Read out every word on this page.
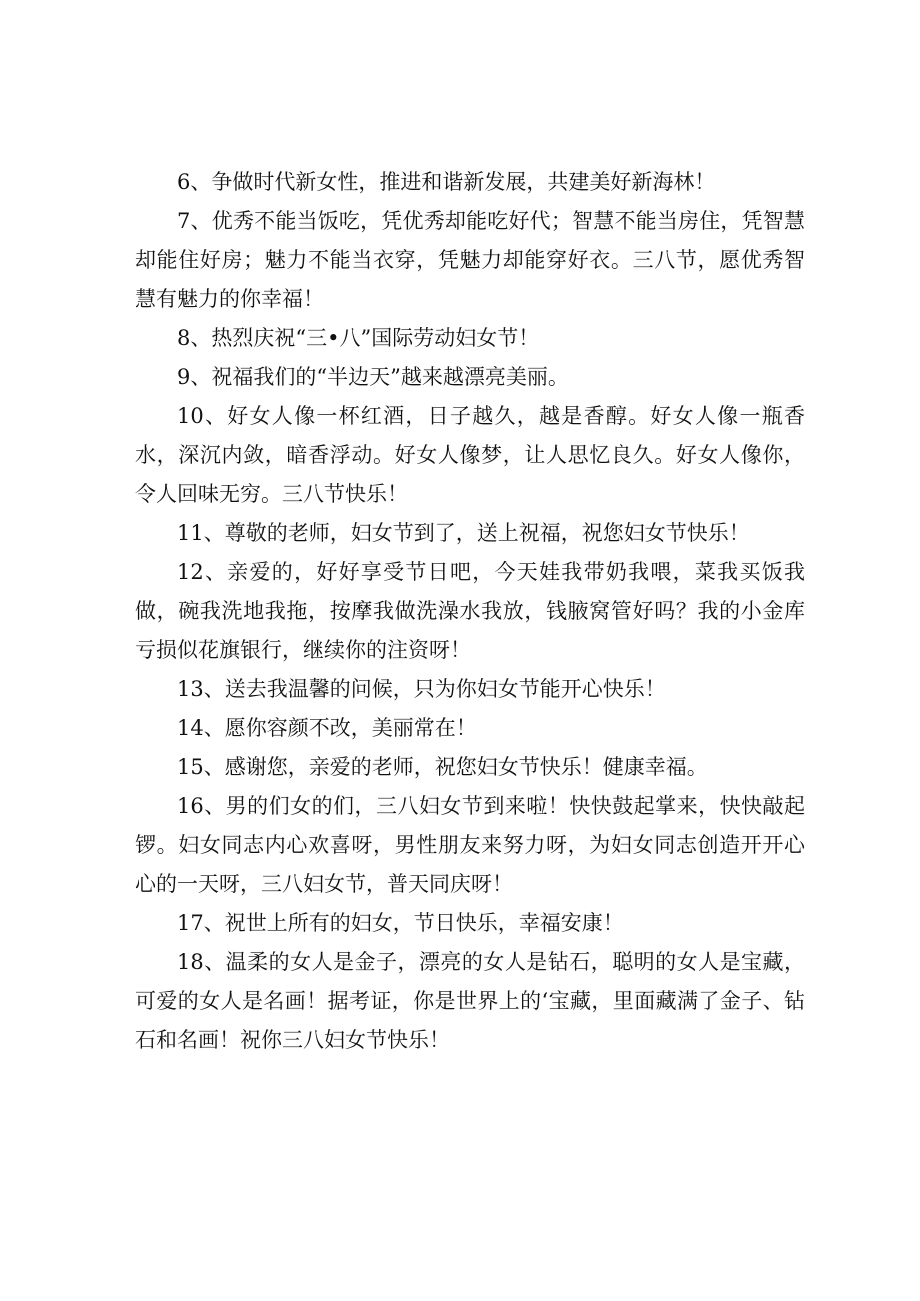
6、争做时代新女性，推进和谐新发展，共建美好新海林！

7、优秀不能当饭吃，凭优秀却能吃好代；智慧不能当房住，凭智慧却能住好房；魅力不能当衣穿，凭魅力却能穿好衣。三八节，愿优秀智慧有魅力的你幸福！

8、热烈庆祝“三•八”国际劳动妇女节！

9、祝福我们的“半边天”越来越漂亮美丽。

10、好女人像一杯红酒，日子越久，越是香醇。好女人像一瓶香水，深沉内敛，暗香浮动。好女人像梦，让人思忆良久。好女人像你，令人回味无穷。三八节快乐！

11、尊敬的老师，妇女节到了，送上祝福，祝您妇女节快乐！

12、亲爱的，好好享受节日吧，今天娃我带奶我喂，菜我买饭我做，碗我洗地我拖，按摩我做洗澡水我放，钱腋窝管好吗？我的小金库亏损似花旗银行，继续你的注资呀！

13、送去我温馨的问候，只为你妇女节能开心快乐！

14、愿你容颜不改，美丽常在！

15、感谢您，亲爱的老师，祝您妇女节快乐！健康幸福。

16、男的们女的们，三八妇女节到来啦！快快鼓起掌来，快快敲起锣。妇女同志内心欢喜呀，男性朋友来努力呀，为妇女同志创造开开心心的一天呀，三八妇女节，普天同庆呀！

17、祝世上所有的妇女，节日快乐，幸福安康！

18、温柔的女人是金子，漂亮的女人是钻石，聪明的女人是宝藏，可爱的女人是名画！据考证，你是世界上的‘宝藏，里面藏满了金子、钻石和名画！祝你三八妇女节快乐！
